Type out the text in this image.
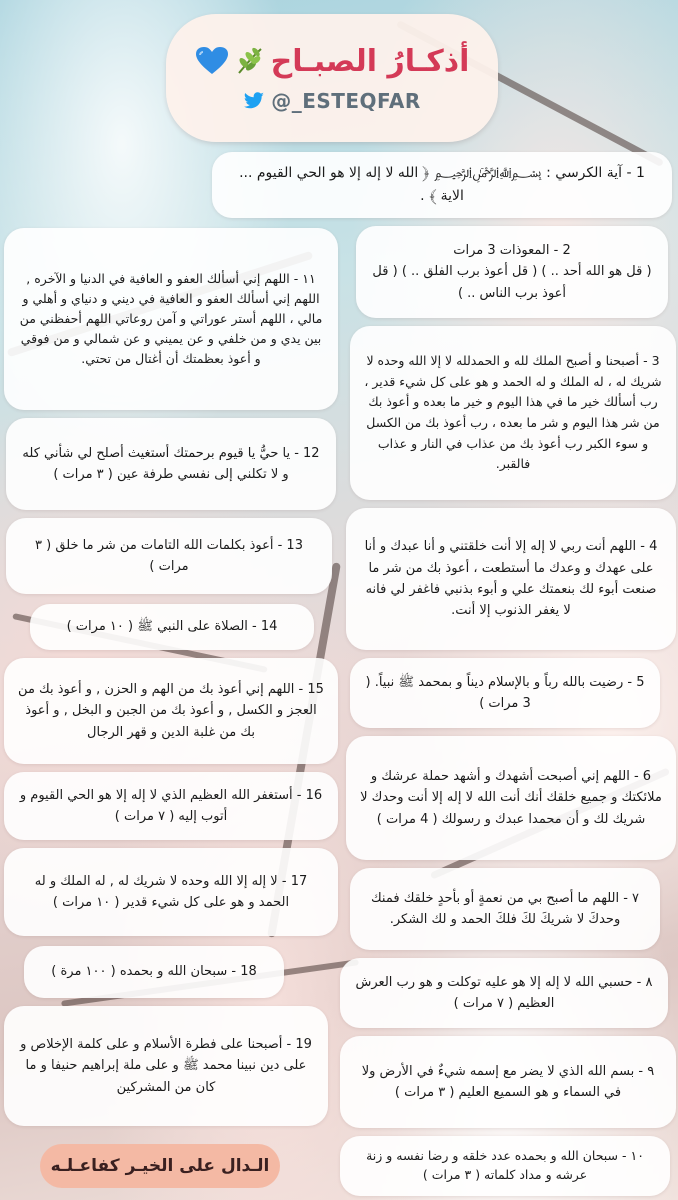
أذكـارُ الصبـاح
@_ESTEQFAR
1 - آية الكرسي : ﷽ ﴿ الله لا إله إلا هو الحي القيوم ... الاية ﴾ .
2 - المعوذات 3 مرات
( قل هو الله أحد .. ) ( قل أعوذ برب الفلق .. ) ( قل أعوذ برب الناس .. )
3 - أصبحنا و أصبح الملك لله و الحمدلله لا إلا الله وحده لا شريك له ، له الملك و له الحمد و هو على كل شيء قدير ، رب أسألك خير ما في هذا اليوم و خير ما بعده و أعوذ بك من شر هذا اليوم و شر ما بعده ، رب أعوذ بك من الكسل و سوء الكبر رب أعوذ بك من عذاب في النار و عذاب فالقبر.
4 - اللهم أنت ربي لا إله إلا أنت خلقتني و أنا عبدك و أنا على عهدك و وعدك ما أستطعت ، أعوذ بك من شر ما صنعت أبوء لك بنعمتك علي و أبوء بذنبي فاغفر لي فانه لا يغفر الذنوب إلا أنت.
5 - رضيت بالله رباً و بالإسلام ديناً و بمحمد ﷺ نبياً. ( 3 مرات )
6 - اللهم إني أصبحت أشهدك و أشهد حملة عرشك و ملائكتك و جميع خلقك أنك أنت الله لا إله إلا أنت وحدك لا شريك لك و أن محمدا عبدك و رسولك ( 4 مرات )
٧ - اللهم ما أصبح بي من نعمةٍ أو بأحدٍ خلقك فمنك وحدكَ لا شريكَ لكَ فلكَ الحمد و لك الشكر.
٨ - حسبي الله لا إله إلا هو عليه توكلت و هو رب العرش العظيم ( ٧ مرات )
٩ - بسم الله الذي لا يضر مع إسمه شيءٌ في الأرض ولا في السماء و هو السميع العليم ( ٣ مرات )
١٠ - سبحان الله و بحمده عدد خلقه و رضا نفسه و زنة عرشه و مداد كلماته ( ٣ مرات )
١١ - اللهم إني أسألك العفو و العافية في الدنيا و الآخره , اللهم إني أسألك العفو و العافية في ديني و دنياي و أهلي و مالي ، اللهم أستر عوراتي و آمن روعاتي اللهم أحفظني من بين يدي و من خلفي و عن يميني و عن شمالي و من فوقي و أعوذ بعظمتك أن أغتال من تحتي.
12 - يا حيُّ يا قيوم برحمتك أستغيث أصلح لي شأني كله و لا تكلني إلى نفسي طرفة عين ( ٣ مرات )
13 - أعوذ بكلمات الله التامات من شر ما خلق ( ٣ مرات )
14 - الصلاة على النبي ﷺ ( ١٠ مرات )
15 - اللهم إني أعوذ بك من الهم و الحزن , و أعوذ بك من العجز و الكسل , و أعوذ بك من الجبن و البخل , و أعوذ بك من غلبة الدين و قهر الرجال
16 - أستغفر الله العظيم الذي لا إله إلا هو الحي القيوم و أتوب إليه ( ٧ مرات )
17 - لا إله إلا الله وحده لا شريك له , له الملك و له الحمد و هو على كل شيء قدير ( ١٠ مرات )
18 - سبحان الله و بحمده ( ١٠٠ مرة )
19 - أصبحنا على فطرة الأسلام و على كلمة الإخلاص و على دين نبينا محمد ﷺ و على ملة إبراهيم حنيفا و ما كان من المشركين
الـدال على الخيـر كفاعـلـه
